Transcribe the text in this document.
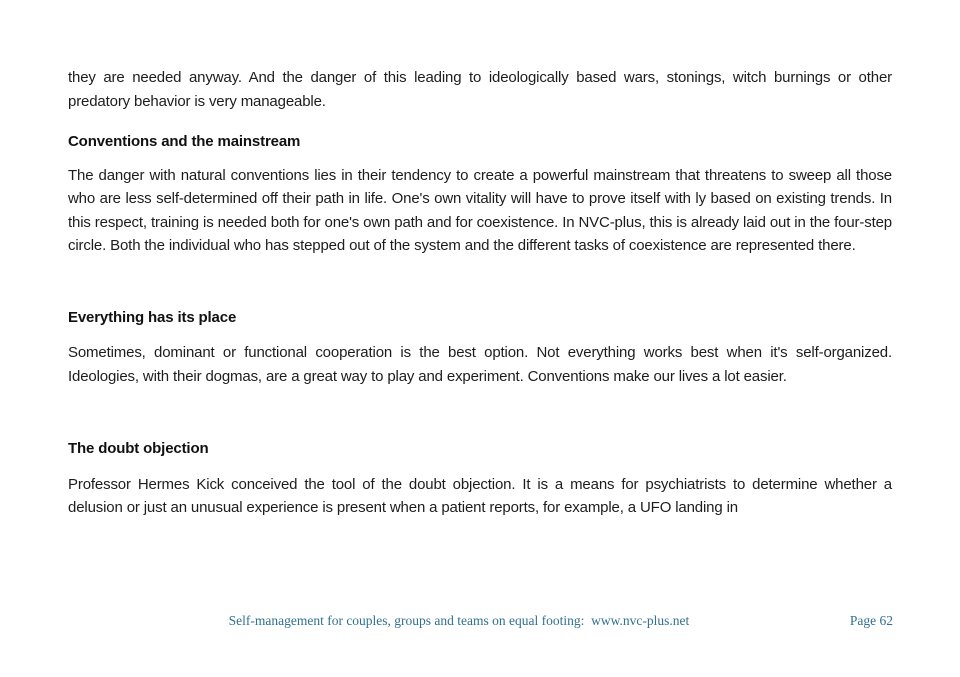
they are needed anyway. And the danger of this leading to ideologically based wars, stonings, witch burnings or other predatory behavior is very manageable.

Conventions and the mainstream

The danger with natural conventions lies in their tendency to create a powerful mainstream that threatens to sweep all those who are less self-determined off their path in life. One's own vitality will have to prove itself with ly based on existing trends. In this respect, training is needed both for one's own path and for coexistence. In NVC-plus, this is already laid out in the four-step circle. Both the individual who has stepped out of the system and the different tasks of coexistence are represented there.

Everything has its place

Sometimes, dominant or functional cooperation is the best option. Not everything works best when it's self-organized. Ideologies, with their dogmas, are a great way to play and experiment. Conventions make our lives a lot easier.

The doubt objection

Professor Hermes Kick conceived the tool of the doubt objection. It is a means for psychiatrists to determine whether a delusion or just an unusual experience is present when a patient reports, for example, a UFO landing in

Self-management for couples, groups and teams on equal footing:  www.nvc-plus.net	Page 62
